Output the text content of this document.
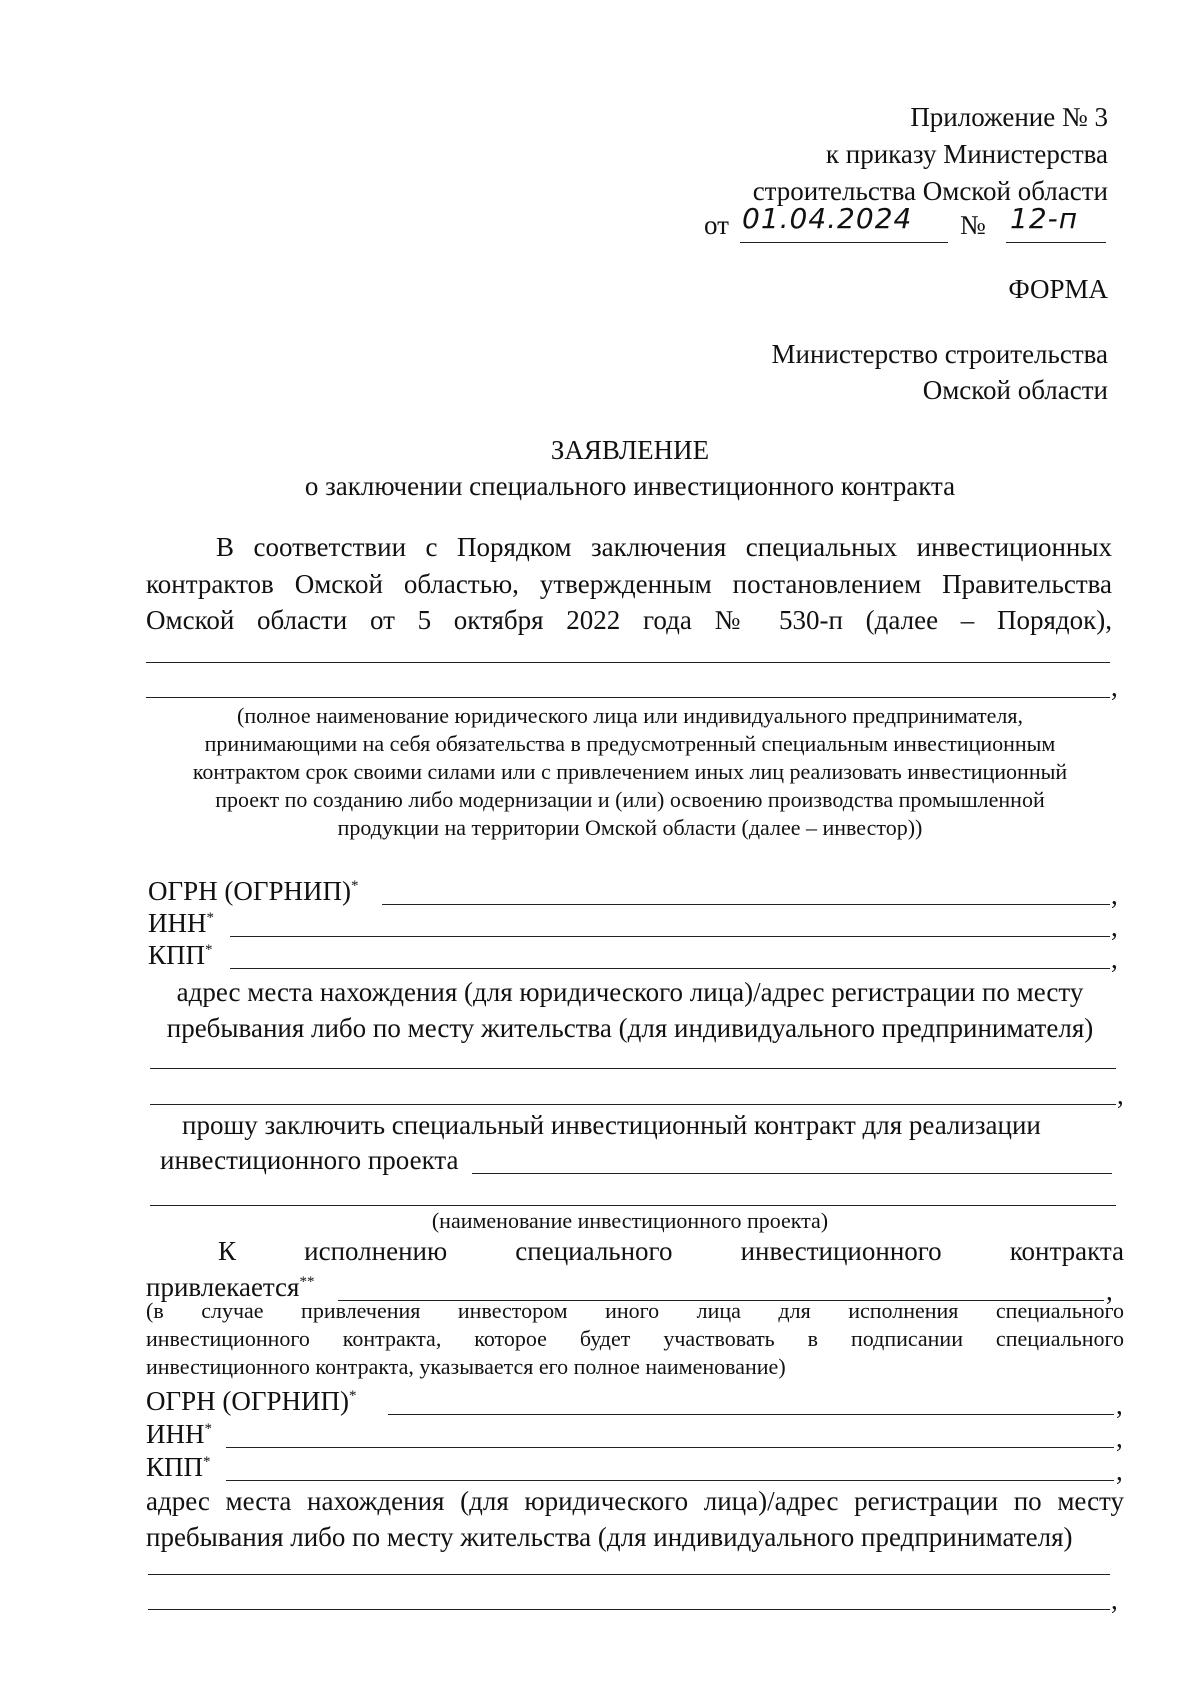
Приложение № 3
к приказу Министерства
строительства Омской области
от 01.04.2024 № 12-п
ФОРМА
Министерство строительства
Омской области
ЗАЯВЛЕНИЕ
о заключении специального инвестиционного контракта
В соответствии с Порядком заключения специальных инвестиционных
контрактов Омской областью, утвержденным постановлением Правительства
Омской области от 5 октября 2022 года № 530-п (далее – Порядок),
,
(полное наименование юридического лица или индивидуального предпринимателя,
принимающими на себя обязательства в предусмотренный специальным инвестиционным
контрактом срок своими силами или с привлечением иных лиц реализовать инвестиционный
проект по созданию либо модернизации и (или) освоению производства промышленной
продукции на территории Омской области (далее – инвестор))
ОГРН (ОГРНИП)*	,
ИНН*	,
КПП*	,
адрес места нахождения (для юридического лица)/адрес регистрации по месту
пребывания либо по месту жительства (для индивидуального предпринимателя)
,
прошу заключить специальный инвестиционный контракт для реализации
инвестиционного проекта
(наименование инвестиционного проекта)
К исполнению специального инвестиционного контракта
привлекается**	,
(в случае привлечения инвестором иного лица для исполнения специального
инвестиционного контракта, которое будет участвовать в подписании специального
инвестиционного контракта, указывается его полное наименование)
ОГРН (ОГРНИП)*	,
ИНН*	,
КПП*	,
адрес места нахождения (для юридического лица)/адрес регистрации по месту
пребывания либо по месту жительства (для индивидуального предпринимателя)
,
